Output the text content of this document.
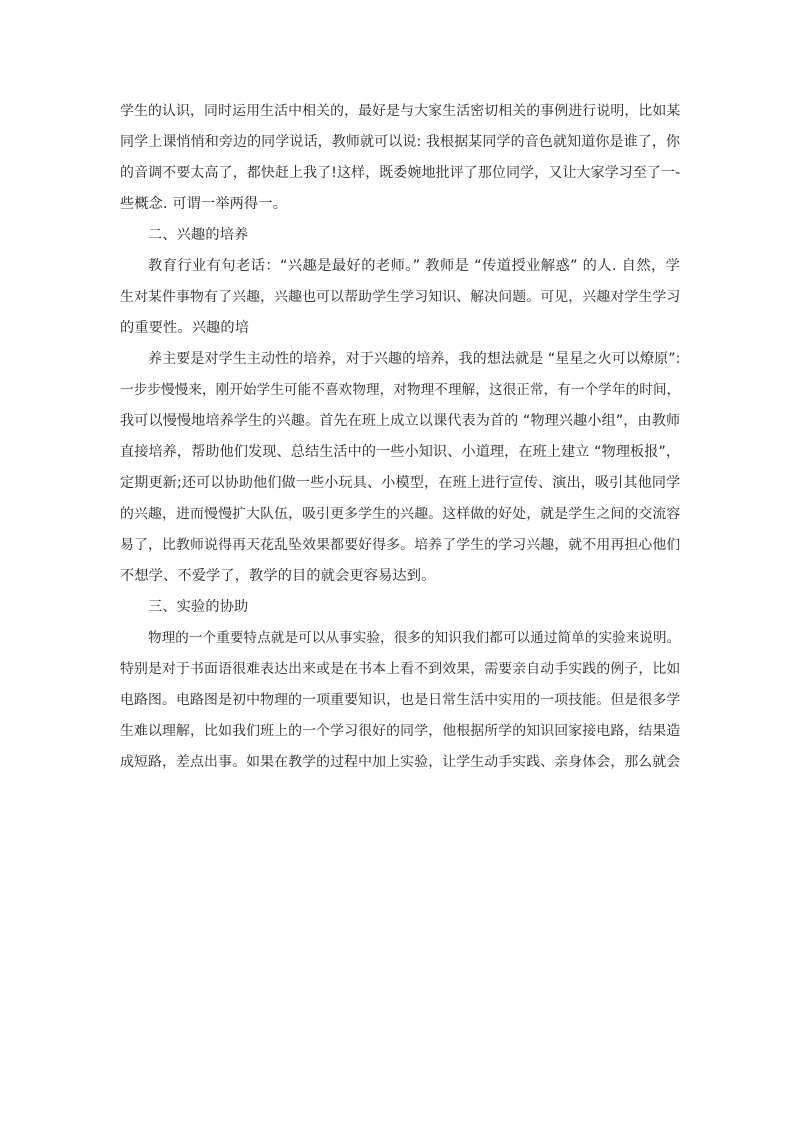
学生的认识，同时运用生活中相关的，最好是与大家生活密切相关的事例进行说明，比如某
同学上课悄悄和旁边的同学说话，教师就可以说: 我根据某同学的音色就知道你是谁了，你
的音调不要太高了，都快赶上我了!这样，既委婉地批评了那位同学，又让大家学习至了一-
些概念. 可谓一举两得一。
二、兴趣的培养
教育行业有句老话：“兴趣是最好的老师。” 教师是 “传道授业解惑” 的人. 自然，学
生对某件事物有了兴趣，兴趣也可以帮助学生学习知识、解决问题。可见，兴趣对学生学习
的重要性。兴趣的培
养主要是对学生主动性的培养，对于兴趣的培养，我的想法就是 “星星之火可以燎原”:
一步步慢慢来，刚开始学生可能不喜欢物理，对物理不理解，这很正常，有一个学年的时间，
我可以慢慢地培养学生的兴趣。首先在班上成立以课代表为首的 “物理兴趣小组”，由教师
直接培养，帮助他们发现、总结生活中的一些小知识、小道理，在班上建立 “物理板报”，
定期更新;还可以协助他们做一些小玩具、小模型，在班上进行宣传、演出，吸引其他同学
的兴趣，进而慢慢扩大队伍，吸引更多学生的兴趣。这样做的好处，就是学生之间的交流容
易了，比教师说得再天花乱坠效果都要好得多。培养了学生的学习兴趣，就不用再担心他们
不想学、不爱学了，教学的目的就会更容易达到。
三、实验的协助
物理的一个重要特点就是可以从事实验，很多的知识我们都可以通过简单的实验来说明。
特别是对于书面语很难表达出来或是在书本上看不到效果，需要亲自动手实践的例子，比如
电路图。电路图是初中物理的一项重要知识，也是日常生活中实用的一项技能。但是很多学
生难以理解，比如我们班上的一个学习很好的同学，他根据所学的知识回家接电路，结果造
成短路，差点出事。如果在教学的过程中加上实验，让学生动手实践、亲身体会，那么就会
